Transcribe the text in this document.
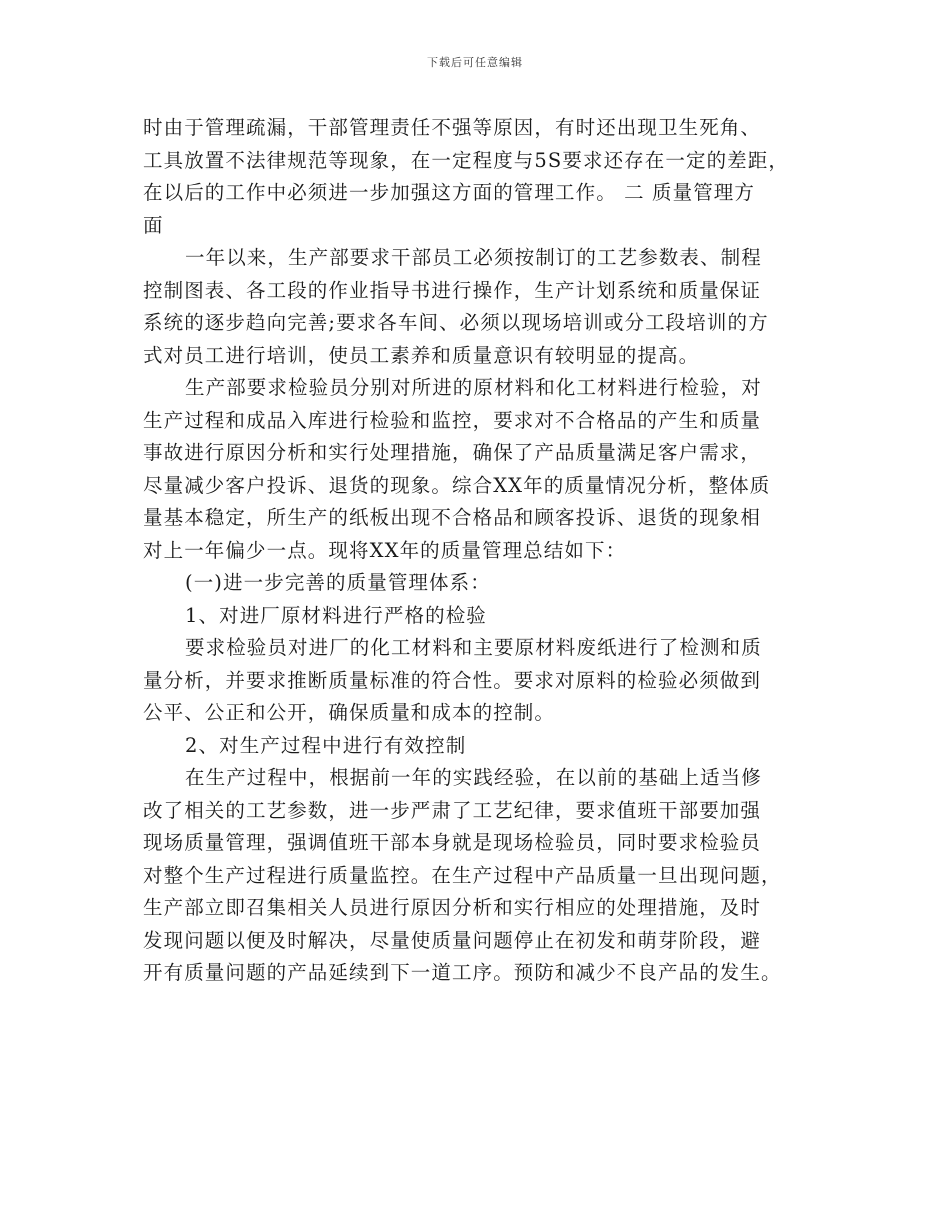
下载后可任意编辑
时由于管理疏漏，干部管理责任不强等原因，有时还出现卫生死角、
工具放置不法律规范等现象，在一定程度与5S要求还存在一定的差距，
在以后的工作中必须进一步加强这方面的管理工作。 二 质量管理方
面
一年以来，生产部要求干部员工必须按制订的工艺参数表、制程
控制图表、各工段的作业指导书进行操作，生产计划系统和质量保证
系统的逐步趋向完善;要求各车间、必须以现场培训或分工段培训的方
式对员工进行培训，使员工素养和质量意识有较明显的提高。
生产部要求检验员分别对所进的原材料和化工材料进行检验，对
生产过程和成品入库进行检验和监控，要求对不合格品的产生和质量
事故进行原因分析和实行处理措施，确保了产品质量满足客户需求，
尽量减少客户投诉、退货的现象。综合XX年的质量情况分析，整体质
量基本稳定，所生产的纸板出现不合格品和顾客投诉、退货的现象相
对上一年偏少一点。现将XX年的质量管理总结如下：
(一)进一步完善的质量管理体系：
1、对进厂原材料进行严格的检验
要求检验员对进厂的化工材料和主要原材料废纸进行了检测和质
量分析，并要求推断质量标准的符合性。要求对原料的检验必须做到
公平、公正和公开，确保质量和成本的控制。
2、对生产过程中进行有效控制
在生产过程中，根据前一年的实践经验，在以前的基础上适当修
改了相关的工艺参数，进一步严肃了工艺纪律，要求值班干部要加强
现场质量管理，强调值班干部本身就是现场检验员，同时要求检验员
对整个生产过程进行质量监控。在生产过程中产品质量一旦出现问题，
生产部立即召集相关人员进行原因分析和实行相应的处理措施，及时
发现问题以便及时解决，尽量使质量问题停止在初发和萌芽阶段，避
开有质量问题的产品延续到下一道工序。预防和减少不良产品的发生。
